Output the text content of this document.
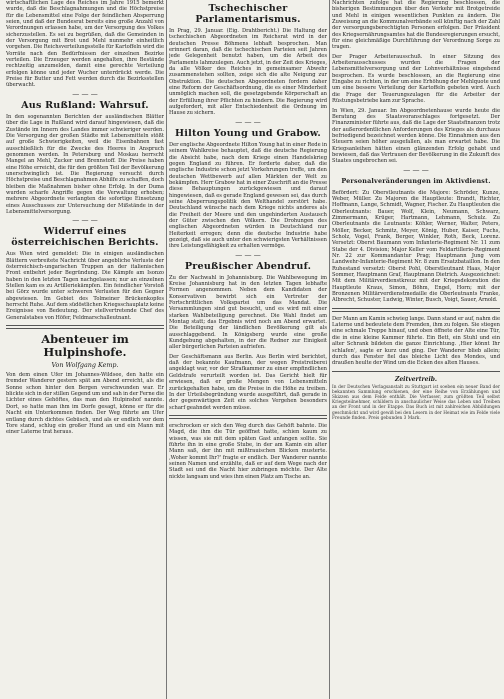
wirtschaftlichen Lage des Reiches im Jahre 1915 bemerkt wurde, daß die Beschlagnahmungen und die Höchstpreise für die Lebensmittel eine Folge der feindlichen Absperrung seien, und daß der Bundesrat bereits eine große Anzahl von Verordnungen erlassen habe, um der Versorgung des Volkes sicherzustellen. Es sei zu begrüßen, daß die Gemeinden in der Versorgung mit Brot und Mehl nunmehr einheitlich vorgehen. Die Reichsverteilungsstelle für Kartoffeln wird die Vorräte nach den Bedürfnissen der einzelnen Bezirke verteilen. Die Erzeuger werden angehalten, ihre Bestände rechtzeitig anzumelden, damit eine gerechte Verteilung erfolgen könne und jeder Wucher unterdrückt werde. Die Preise für Butter und Fett werden durch die Bezirksstellen überwacht.

— — —
Aus Rußland: Wahrsuf.

In den sogenannten Berichten der ausländischen Blätter über die Lage in Rußland wird darauf hingewiesen, daß die Zustände im Innern des Landes immer schwieriger werden. Die Versorgung der großen Städte mit Lebensmitteln stößt auf große Schwierigkeiten, weil die Eisenbahnen fast ausschließlich für die Zwecke des Heeres in Anspruch genommen werden. In Petersburg und Moskau herrscht Mangel an Mehl, Zucker und Brennstoff. Die Preise haben eine Höhe erreicht, die für den größten Teil der Bevölkerung unerschwinglich ist. Die Regierung versucht durch Höchstpreise und Beschlagnahmen Abhilfe zu schaffen, doch bleiben die Maßnahmen bisher ohne Erfolg. In der Duma wurden scharfe Angriffe gegen die Verwaltung erhoben; mehrere Abgeordnete verlangten die sofortige Einsetzung eines Ausschusses zur Untersuchung der Mißstände in der Lebensmittelversorgung.

— — —
Widerruf eines österreichischen Berichts.

Aus Wien wird gemeldet: Die in einigen ausländischen Blättern verbreitete Nachricht über angebliche Verluste der österreichisch-ungarischen Truppen an der italienischen Front entbehrt jeder Begründung. Die Kämpfe am Isonzo haben in den letzten Tagen nachgelassen; nur an einzelnen Stellen kam es zu Artilleriekämpfen. Ein feindlicher Vorstoß bei Görz wurde unter schweren Verlusten für den Gegner abgewiesen. Im Gebiet des Tolmeiner Brückenkopfes herrscht Ruhe. Auf dem südöstlichen Kriegsschauplatz keine Ereignisse von Bedeutung. Der stellvertretende Chef des Generalstabes von Höfer, Feldmarschalleutnant.

Abenteuer im Hulpinshofe.
Von Wolfgang Kemp.

Von dem einen Ufer im Johannes-Wildsee, den hatte ein fremder Wanderer gestern spät am Abend erreicht, als die Sonne schon hinter den Bergen verschwunden war. Er blickte sich in der stillen Gegend um und sah in der Ferne die Lichter eines Gehöftes, das man den Hulpinshof nannte. Dort, so hatte man ihm im Dorfe gesagt, könne er für die Nacht ein Unterkommen finden. Der Weg führte am Ufer entlang durch dichtes Gebüsch, und als er endlich vor dem Tore stand, schlug ein großer Hund an und ein Mann mit einer Laterne trat heraus.

Tschechischer Parlamentarismus.

In Prag, 29. Januar. (Eig. Drahtbericht.) Die Haltung der tschechischen Abgeordneten im Reichsrat wird in der deutschen Presse Böhmens lebhaft besprochen. Man erinnert daran, daß die tschechischen Parteien seit Jahren jede Gelegenheit benutzt haben, um die Arbeit des Parlaments lahmzulegen. Auch jetzt, in der Zeit des Krieges, da alle Völker des Reiches in gemeinsamer Abwehr zusammenstehen sollten, zeige sich die alte Neigung zur Obstruktion. Die deutschen Abgeordneten fordern daher eine Reform der Geschäftsordnung, die es einer Minderheit unmöglich machen soll, die gesetzgebende Körperschaft an der Erfüllung ihrer Pflichten zu hindern. Die Regierung wird aufgefordert, mit aller Entschiedenheit die Ordnung im Hause zu sichern.

— — —
Hilton Young und Grabow.

Der englische Abgeordnete Hilton Young hat in einer Rede in seinem Wahlkreise behauptet, daß die deutsche Regierung die Absicht habe, nach dem Kriege einen Handelskrieg gegen England zu führen. Er forderte daher, daß die englische Industrie schon jetzt Vorkehrungen treffe, um den deutschen Wettbewerb auf allen Märkten der Welt zu bekämpfen. Herr Grabow hat in einer Zuschrift an die Presse diese Behauptungen zurückgewiesen und darauf hingewiesen, daß es gerade England gewesen sei, das durch seine Absperrungspolitik den Welthandel zerstört habe. Deutschland wünsche nach dem Kriege nichts anderes als die Freiheit der Meere und den ungehinderten Austausch der Güter zwischen den Völkern. Die Drohungen des englischen Abgeordneten würden in Deutschland nur Heiterkeit erregen; denn die deutsche Industrie habe gezeigt, daß sie auch unter den schwierigsten Verhältnissen ihre Leistungsfähigkeit zu erhalten vermöge.

— — —
Preußischer Abendruf.

Zu der Nachwahl in Johannisburg. Die Wahlbewegung im Kreise Johannisburg hat in den letzten Tagen lebhafte Formen angenommen. Neben dem Kandidaten der Konservativen bewirbt sich ein Vertreter der Fortschrittlichen Volkspartei um das Mandat. Die Versammlungen sind gut besucht, und es wird mit einer starken Wahlbeteiligung gerechnet. Die Wahl findet am Montag statt; das Ergebnis wird noch am Abend erwartet. Die Beteiligung der ländlichen Bevölkerung gilt als ausschlaggebend. In Königsberg wurde eine große Kundgebung abgehalten, in der die Redner zur Einigkeit aller bürgerlichen Parteien aufriefen.

Der Geschäftsmann aus Berlin. Aus Berlin wird berichtet, daß der bekannte Kaufmann, der wegen Preistreiberei angeklagt war, vor der Strafkammer zu einer empfindlichen Geldstrafe verurteilt worden ist. Das Gericht hielt für erwiesen, daß er große Mengen von Lebensmitteln zurückgehalten habe, um die Preise in die Höhe zu treiben. In der Urteilsbegründung wurde ausgeführt, daß gerade in der gegenwärtigen Zeit ein solches Vergehen besonders scharf geahndet werden müsse.

erschrocken er sich den Weg durch das Gehöft bahnte. Die Magd, die ihm die Tür geöffnet hatte, schien kaum zu wissen, was sie mit dem späten Gast anfangen sollte. Sie führte ihn in eine große Stube, in der am Kamin ein alter Mann saß, der ihn mit mißtrauischen Blicken musterte. ,Woher kommt Ihr?' fragte er endlich. Der Wanderer nannte seinen Namen und erzählte, daß er auf dem Wege nach der Stadt sei und die Nacht hier zubringen möchte. Der Alte nickte langsam und wies ihm einen Platz am Tische an.

Nachrichten zufolge hat die Regierung beschlossen, die bisherigen Bestimmungen über den Verkehr mit Brotgetreide und Mehl in einigen wesentlichen Punkten zu ändern. Die Zuweisung an die Kommunalverbände soll künftig nach der Zahl der versorgungsberechtigten Personen erfolgen. Der Präsident des Kriegsernährungsamtes hat die Bundesregierungen ersucht, für eine gleichmäßige Durchführung der Verordnung Sorge zu tragen.

Der Prager Arbeiterausschuß. In einer Sitzung des Arbeiterausschusses wurden die Fragen der Lebensmittelversorgung und der Lohnverhältnisse eingehend besprochen. Es wurde beschlossen, an die Regierung eine Eingabe zu richten, in der um eine Erhöhung der Mehlquote und um eine bessere Verteilung der Kartoffeln gebeten wird. Auch die Frage der Teuerungszulagen für die Arbeiter der Rüstungsbetriebe kam zur Sprache.

In Wien, 29. Januar. Im Abgeordnetenhause wurde heute die Beratung des Staatsvoranschlages fortgesetzt. Der Finanzminister führte aus, daß die Lage der Staatsfinanzen trotz der außerordentlichen Anforderungen des Krieges als durchaus befriedigend bezeichnet werden könne. Die Einnahmen aus den Steuern seien höher ausgefallen, als man erwartet habe. Die Kriegsanleihen hätten einen glänzenden Erfolg gehabt und bewiesen, daß das Vertrauen der Bevölkerung in die Zukunft des Staates ungebrochen sei.

— — —
Personalveränderungen im Aktivdienst.

Befördert: Zu Oberstleutnants die Majore: Schröder, Kunze, Weber, Müller. Zu Majoren die Hauptleute: Brandt, Richter, Hoffmann, Lange, Schmidt, Wagner, Fischer. Zu Hauptleuten die Oberleutnants: Bauer, Wolf, Klein, Neumann, Schwarz, Zimmermann, Krüger, Hartmann, Lehmann, Schulz. Zu Oberleutnants die Leutnants: Köhler, Werner, Walter, Peters, Möller, Becker, Schmitz, Meyer, König, Huber, Kaiser, Fuchs, Scholz, Vogel, Frank, Berger, Winkler, Roth, Beck, Lorenz. Versetzt: Oberst Baumann vom Infanterie-Regiment Nr. 11 zum Stabe der 4. Division; Major Keller vom Feldartillerie-Regiment Nr. 22 zur Kommandantur Prag; Hauptmann Jung vom Landwehr-Infanterie-Regiment Nr. 8 zum Ersatzbataillon. In den Ruhestand versetzt: Oberst Pohl, Oberstleutnant Haas, Major Sommer, Hauptmann Graf, Hauptmann Dietrich. Ausgezeichnet: Mit dem Militärverdienstkreuz mit der Kriegsdekoration die Hauptleute Kraus, Simon, Böhm, Engel, Horn; mit der Bronzenen Militärverdienstmedaille die Oberleutnants Franke, Albrecht, Schuster, Ludwig, Winter, Busch, Voigt, Sauer, Arnold.

Der Mann am Kamin schwieg lange. Dann stand er auf, nahm die Laterne und bedeutete dem Fremden, ihm zu folgen. Sie stiegen eine schmale Treppe hinauf, und oben öffnete der Alte eine Tür, die in eine kleine Kammer führte. Ein Bett, ein Stuhl und ein alter Schrank bildeten die ganze Einrichtung. ,Hier könnt Ihr schlafen', sagte er kurz und ging. Der Wanderer blieb allein; durch das Fenster fiel das bleiche Licht des Mondes, und draußen heulte der Wind um die Ecken des alten Hauses.

Zeitvertreib.

In der Deutschen Verlagsanstalt zu Stuttgart ist soeben ein neuer Band der bekannten Sammlung erschienen, der eine Reihe von Erzählungen und Skizzen aus dem Felde enthält. Die Verfasser, zum größten Teil selbst Kriegsteilnehmer, schildern in anschaulicher Weise das Leben und Treiben an der Front und in der Etappe. Das Buch ist mit zahlreichen Abbildungen geschmückt und wird gewiß bei den Lesern in der Heimat wie im Felde viele Freunde finden. Preis gebunden 3 Mark.
